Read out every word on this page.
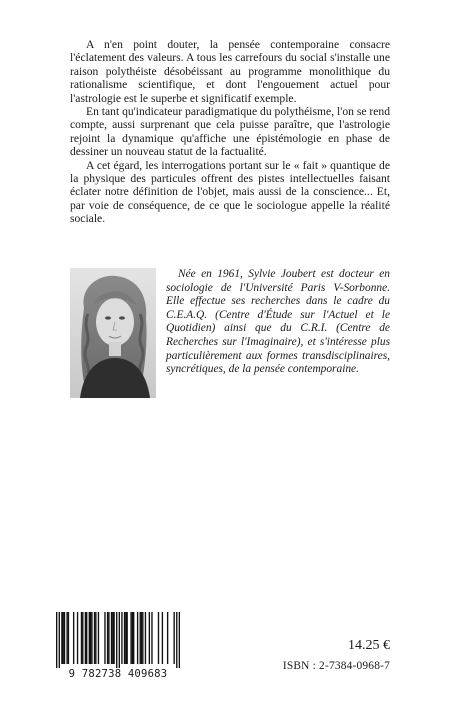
A n'en point douter, la pensée contemporaine consacre l'éclatement des valeurs. A tous les carrefours du social s'installe une raison polythéiste désobéissant au programme monolithique du rationalisme scientifique, et dont l'engouement actuel pour l'astrologie est le superbe et significatif exemple.

En tant qu'indicateur paradigmatique du polythéisme, l'on se rend compte, aussi surprenant que cela puisse paraître, que l'astrologie rejoint la dynamique qu'affiche une épistémologie en phase de dessiner un nouveau statut de la factualité.

A cet égard, les interrogations portant sur le « fait » quantique de la physique des particules offrent des pistes intellectuelles faisant éclater notre définition de l'objet, mais aussi de la conscience... Et, par voie de conséquence, de ce que le sociologue appelle la réalité sociale.

Née en 1961, Sylvie Joubert est docteur en sociologie de l'Université Paris V-Sorbonne. Elle effectue ses recherches dans le cadre du C.E.A.Q. (Centre d'Étude sur l'Actuel et le Quotidien) ainsi que du C.R.I. (Centre de Recherches sur l'Imaginaire), et s'intéresse plus particulièrement aux formes transdisciplinaires, syncrétiques, de la pensée contemporaine.

9 782738 409683
14.25 €
ISBN : 2-7384-0968-7
